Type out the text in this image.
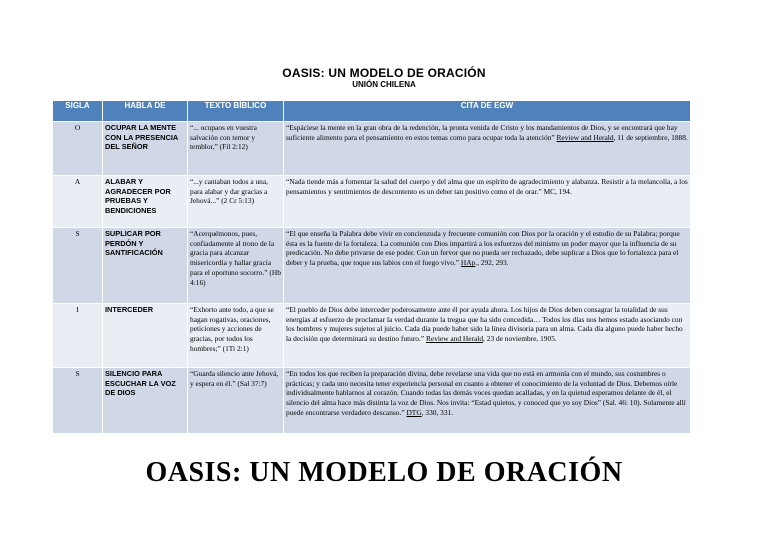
OASIS: UN MODELO DE ORACIÓN
UNIÓN CHILENA
SIGLA	HABLA DE	TEXTO BÍBLICO	CITA DE EGW
O	OCUPAR LA MENTE CON LA PRESENCIA DEL SEÑOR	“... ocupaos en vuestra salvación con temor y temblor,” (Fil 2:12)	“Espáciese la mente en la gran obra de la redención, la pronta venida de Cristo y los mandamientos de Dios, y se encontrará que hay suficiente alimento para el pensamiento en estos temas como para ocupar toda la atención” Review and Herald, 11 de septiembre, 1888.
A	ALABAR Y AGRADECER POR PRUEBAS Y BENDICIONES	“...y cantaban todos a una, para alabar y dar gracias a Jehová...” (2 Cr 5:13)	“Nada tiende más a fomentar la salud del cuerpo y del alma que un espíritu de agradecimiento y alabanza. Resistir a la melancolía, a los pensamientos y sentimientos de descontento es un deber tan positivo como el de orar.” MC, 194.
S	SUPLICAR POR PERDÓN Y SANTIFICACIÓN	“Acerquémonos, pues, confiadamente al trono de la gracia para alcanzar misericordia y hallar gracia para el oportuno socorro.” (Hb 4:16)	“El que enseña la Palabra debe vivir en concienzuda y frecuente comunión con Dios por la oración y el estudio de su Palabra; porque ésta es la fuente de la fortaleza. La comunión con Dios impartirá a los esfuerzos del ministro un poder mayor que la influencia de su predicación. No debe privarse de ese poder. Con un fervor que no pueda ser rechazado, debe suplicar a Dios que lo fortalezca para el deber y la prueba, que toque sus labios con el fuego vivo.” HAp., 292, 293.
I	INTERCEDER	“Exhorto ante todo, a que se hagan rogativas, oraciones, peticiones y acciones de gracias, por todos los hombres;” (1Ti 2:1)	“El pueblo de Dios debe interceder poderosamente ante él por ayuda ahora. Los hijos de Dios deben consagrar la totalidad de sus energías al esfuerzo de proclamar la verdad durante la tregua que ha sido concedida… Todos los días nos hemos estado asociando con los hombres y mujeres sujetos al juicio. Cada día puede haber sido la línea divisoria para un alma. Cada día alguno puede haber hecho la decisión que determinará su destino futuro.” Review and Herald, 23 de noviembre, 1905.
S	SILENCIO PARA ESCUCHAR LA VOZ DE DIOS	“Guarda silencio ante Jehová, y espera en él.” (Sal 37:7)	“En todos los que reciben la preparación divina, debe revelarse una vida que no está en armonía con el mundo, sus costumbres o prácticas; y cada uno necesita tener experiencia personal en cuanto a obtener el conocimiento de la voluntad de Dios. Debemos oírle individualmente hablarnos al corazón. Cuando todas las demás voces quedan acalladas, y en la quietud esperamos delante de él, el silencio del alma hace más distinta la voz de Dios. Nos invita: “Estad quietos, y conoced que yo soy Dios” (Sal. 46: 10). Solamente allí puede encontrarse verdadero descanso.” DTG, 330, 331.
OASIS: UN MODELO DE ORACIÓN
